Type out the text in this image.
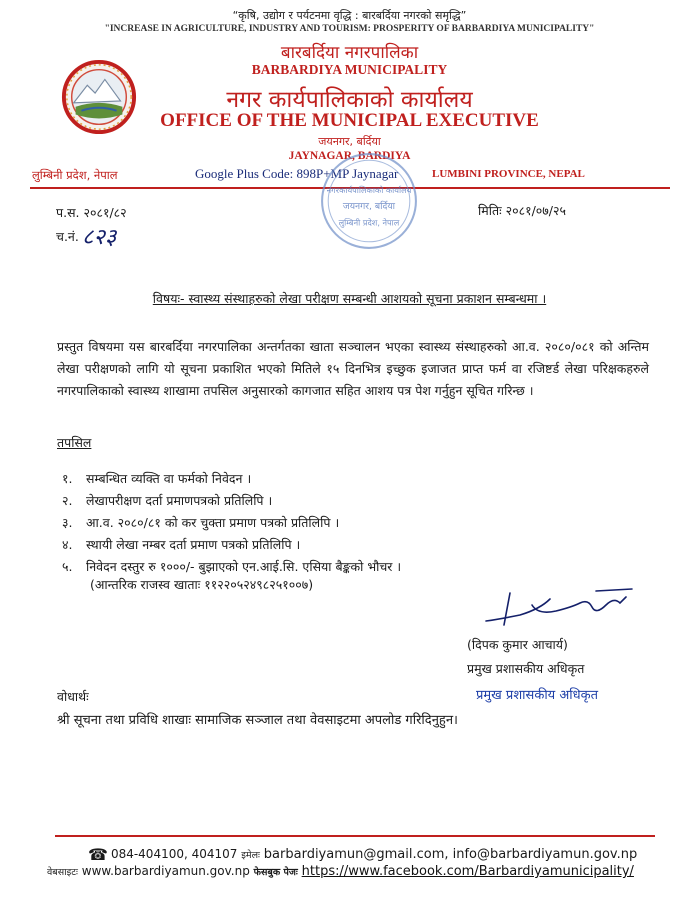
“कृषि, उद्योग र पर्यटनमा वृद्धि : बारबर्दिया नगरको समृद्धि”
"INCREASE IN AGRICULTURE, INDUSTRY AND TOURISM: PROSPERITY OF BARBARDIYA MUNICIPALITY"
बारबर्दिया नगरपालिका
BARBARDIYA MUNICIPALITY
नगर कार्यपालिकाको कार्यालय
OFFICE OF THE MUNICIPAL EXECUTIVE
जयनगर, बर्दिया
JAYNAGAR, BARDIYA
लुम्बिनी प्रदेश, नेपाल	Google Plus Code: 898P+MP Jaynagar	LUMBINI PROVINCE, NEPAL
नगरकार्यपालिकाको कार्यालय
जयनगर, बर्दिया
लुम्बिनी प्रदेश, नेपाल
प.स. २०८१/८२
च.नं. ८२३
मितिः २०८१/०७/२५
विषयः- स्वास्थ्य संस्थाहरुको लेखा परीक्षण सम्बन्धी आशयको सूचना प्रकाशन सम्बन्धमा ।
प्रस्तुत विषयमा यस बारबर्दिया नगरपालिका अन्तर्गतका खाता सञ्चालन भएका स्वास्थ्य संस्थाहरुको आ.व. २०८०/०८१ को अन्तिम लेखा परीक्षणको लागि यो सूचना प्रकाशित भएको मितिले १५ दिनभित्र इच्छुक इजाजत प्राप्त फर्म वा रजिष्टर्ड लेखा परिक्षकहरुले नगरपालिकाको स्वास्थ्य शाखामा तपसिल अनुसारको कागजात सहित आशय पत्र पेश गर्नुहुन सूचित गरिन्छ ।
तपसिल
१. सम्बन्धित व्यक्ति वा फर्मको निवेदन ।
२. लेखापरीक्षण दर्ता प्रमाणपत्रको प्रतिलिपि ।
३. आ.व. २०८०/८१ को कर चुक्ता प्रमाण पत्रको प्रतिलिपि ।
४. स्थायी लेखा नम्बर दर्ता प्रमाण पत्रको प्रतिलिपि ।
५. निवेदन दस्तुर रु १०००/- बुझाएको एन.आई.सि. एसिया बैङ्कको भौचर ।
(आन्तरिक राजस्व खाताः ११२२०५२४९८२५१००७)
(दिपक कुमार आचार्य)
प्रमुख प्रशासकीय अधिकृत
प्रमुख प्रशासकीय अधिकृत
वोधार्थः
श्री सूचना तथा प्रविधि शाखाः सामाजिक सञ्जाल तथा वेवसाइटमा अपलोड गरिदिनुहुन।
☎ 084-404100, 404107 इमेलः barbardiyamun@gmail.com, info@barbardiyamun.gov.np
वेबसाइटः www.barbardiyamun.gov.np फेसबुक पेजः https://www.facebook.com/Barbardiyamunicipality/
